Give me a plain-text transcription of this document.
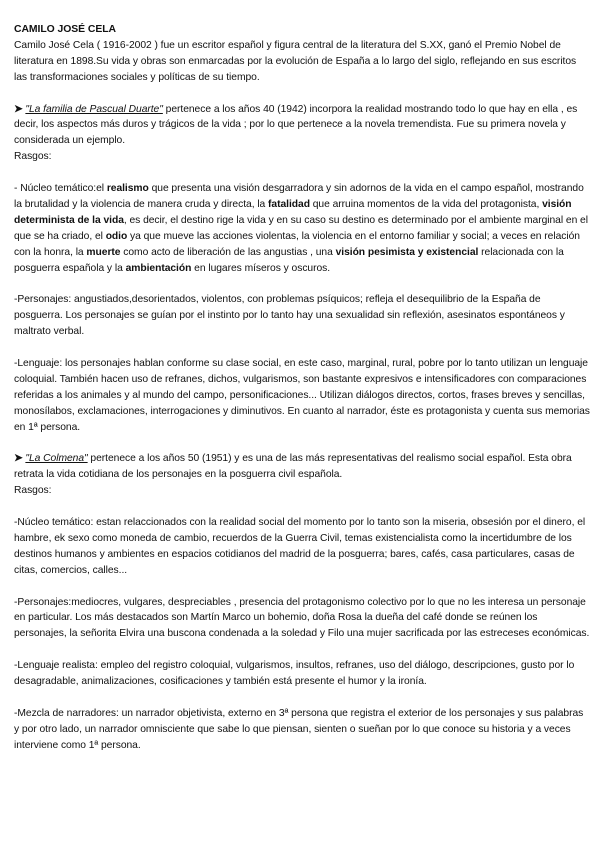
CAMILO JOSÉ CELA

Camilo José Cela ( 1916-2002 ) fue un escritor español y figura central de la literatura del S.XX, ganó el Premio Nobel de literatura en 1898.Su vida y obras son enmarcadas por la evolución de España a lo largo del siglo, reflejando en sus escritos las transformaciones sociales y políticas de su tiempo.

➤ "La familia de Pascual Duarte" pertenece a los años 40 (1942) incorpora la realidad mostrando todo lo que hay en ella , es decir, los aspectos más duros y trágicos de la vida ; por lo que pertenece a la novela tremendista. Fue su primera novela y considerada un ejemplo.

Rasgos:

- Núcleo temático:el realismo que presenta una visión desgarradora y sin adornos de la vida en el campo español, mostrando la brutalidad y la violencia de manera cruda y directa, la fatalidad que arruina momentos de la vida del protagonista, visión determinista de la vida, es decir, el destino rige la vida y en su caso su destino es determinado por el ambiente marginal en el que se ha criado, el odio ya que mueve las acciones violentas, la violencia en el entorno familiar y social; a veces en relación con la honra, la muerte como acto de liberación de las angustias , una visión pesimista y existencial relacionada con la posguerra española y la ambientación en lugares míseros y oscuros.

-Personajes: angustiados,desorientados, violentos, con problemas psíquicos; refleja el desequilibrio de la España de posguerra. Los personajes se guían por el instinto por lo tanto hay una sexualidad sin reflexión, asesinatos espontáneos y maltrato verbal.

-Lenguaje: los personajes hablan conforme su clase social, en este caso, marginal, rural, pobre por lo tanto utilizan un lenguaje coloquial. También hacen uso de refranes, dichos, vulgarismos, son bastante expresivos e intensificadores con comparaciones referidas a los animales y al mundo del campo, personificaciones... Utilizan diálogos directos, cortos, frases breves y sencillas, monosílabos, exclamaciones, interrogaciones y diminutivos. En cuanto al narrador, éste es protagonista y cuenta sus memorias en 1ª persona.

➤ "La Colmena" pertenece a los años 50 (1951) y es una de las más representativas del realismo social español. Esta obra retrata la vida cotidiana de los personajes en la posguerra civil española.

Rasgos:

-Núcleo temático: estan relaccionados con la realidad social del momento por lo tanto son la miseria, obsesión por el dinero, el hambre, ek sexo como moneda de cambio, recuerdos de la Guerra Civil, temas existencialista como la incertidumbre de los destinos humanos y ambientes en espacios cotidianos del madrid de la posguerra; bares, cafés, casa particulares, casas de citas, comercios, calles...

-Personajes:mediocres, vulgares, despreciables , presencia del protagonismo colectivo por lo que no les interesa un personaje en particular. Los más destacados son Martín Marco un bohemio, doña Rosa la dueña del café donde se reúnen los personajes, la señorita Elvira una buscona condenada a la soledad y Filo una mujer sacrificada por las estreceses económicas.

-Lenguaje realista: empleo del registro coloquial, vulgarismos, insultos, refranes, uso del diálogo, descripciones, gusto por lo desagradable, animalizaciones, cosificaciones y también está presente el humor y la ironía.

-Mezcla de narradores: un narrador objetivista, externo en 3ª persona que registra el exterior de los personajes y sus palabras y por otro lado, un narrador omnisciente que sabe lo que piensan, sienten o sueñan por lo que conoce su historia y a veces interviene como 1ª persona.
